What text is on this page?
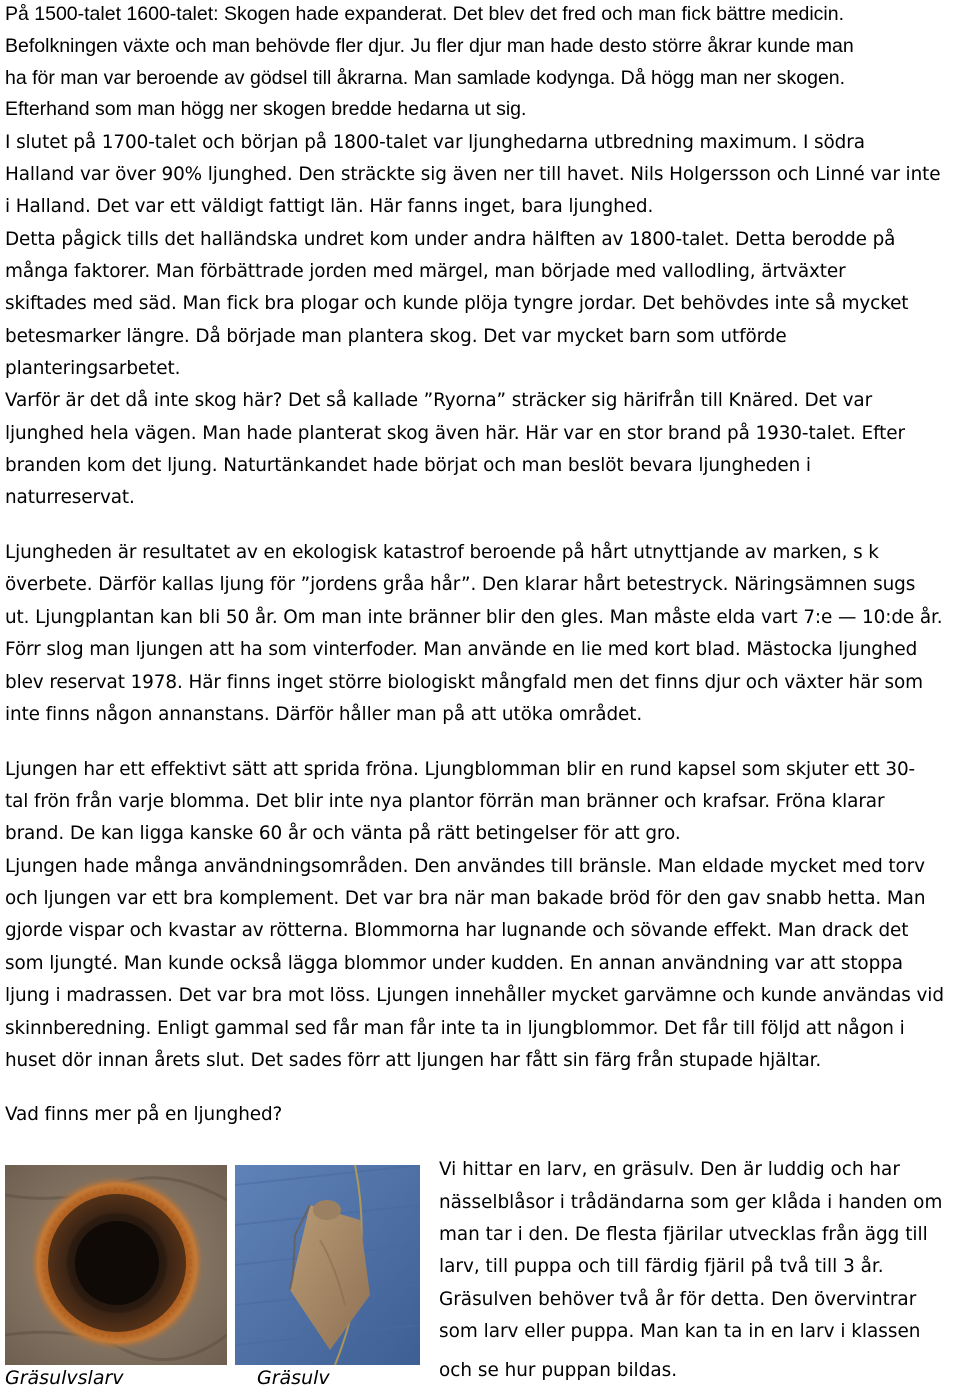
På 1500-talet 1600-talet: Skogen hade expanderat. Det blev det fred och man fick bättre medicin.
Befolkningen växte och man behövde fler djur. Ju fler djur man hade desto större åkrar kunde man
ha för man var beroende av gödsel till åkrarna. Man samlade kodynga. Då högg man ner skogen.
Efterhand som man högg ner skogen bredde hedarna ut sig.
I slutet på 1700-talet och början på 1800-talet var ljunghedarna utbredning maximum. I södra
Halland var över 90% ljunghed. Den sträckte sig även ner till havet. Nils Holgersson och Linné var inte
i Halland. Det var ett väldigt fattigt län. Här fanns inget, bara ljunghed.
Detta pågick tills det halländska undret kom under andra hälften av 1800-talet. Detta berodde på
många faktorer. Man förbättrade jorden med märgel, man började med vallodling, ärtväxter
skiftades med säd. Man fick bra plogar och kunde plöja tyngre jordar. Det behövdes inte så mycket
betesmarker längre. Då började man plantera skog. Det var mycket barn som utförde
planteringsarbetet.
Varför är det då inte skog här? Det så kallade ”Ryorna” sträcker sig härifrån till Knäred. Det var
ljunghed hela vägen. Man hade planterat skog även här. Här var en stor brand på 1930-talet. Efter
branden kom det ljung. Naturtänkandet hade börjat och man beslöt bevara ljungheden i
naturreservat.
Ljungheden är resultatet av en ekologisk katastrof beroende på hårt utnyttjande av marken, s k
överbete. Därför kallas ljung för ”jordens gråa hår”. Den klarar hårt betestryck. Näringsämnen sugs
ut. Ljungplantan kan bli 50 år. Om man inte bränner blir den gles. Man måste elda vart 7:e — 10:de år.
Förr slog man ljungen att ha som vinterfoder. Man använde en lie med kort blad. Mästocka ljunghed
blev reservat 1978. Här finns inget större biologiskt mångfald men det finns djur och växter här som
inte finns någon annanstans. Därför håller man på att utöka området.
Ljungen har ett effektivt sätt att sprida fröna. Ljungblomman blir en rund kapsel som skjuter ett 30-
tal frön från varje blomma. Det blir inte nya plantor förrän man bränner och krafsar. Fröna klarar
brand. De kan ligga kanske 60 år och vänta på rätt betingelser för att gro.
Ljungen hade många användningsområden. Den användes till bränsle. Man eldade mycket med torv
och ljungen var ett bra komplement. Det var bra när man bakade bröd för den gav snabb hetta. Man
gjorde vispar och kvastar av rötterna. Blommorna har lugnande och sövande effekt. Man drack det
som ljungté. Man kunde också lägga blommor under kudden. En annan användning var att stoppa
ljung i madrassen. Det var bra mot löss. Ljungen innehåller mycket garvämne och kunde användas vid
skinnberedning. Enligt gammal sed får man får inte ta in ljungblommor. Det får till följd att någon i
huset dör innan årets slut. Det sades förr att ljungen har fått sin färg från stupade hjältar.
Vad finns mer på en ljunghed?
Vi hittar en larv, en gräsulv. Den är luddig och har
nässelblåsor i trådändarna som ger klåda i handen om
man tar i den. De flesta fjärilar utvecklas från ägg till
larv, till puppa och till färdig fjäril på två till 3 år.
Gräsulven behöver två år för detta. Den övervintrar
som larv eller puppa. Man kan ta in en larv i klassen
och se hur puppan bildas.
Gräsulvslarv	Gräsulv
